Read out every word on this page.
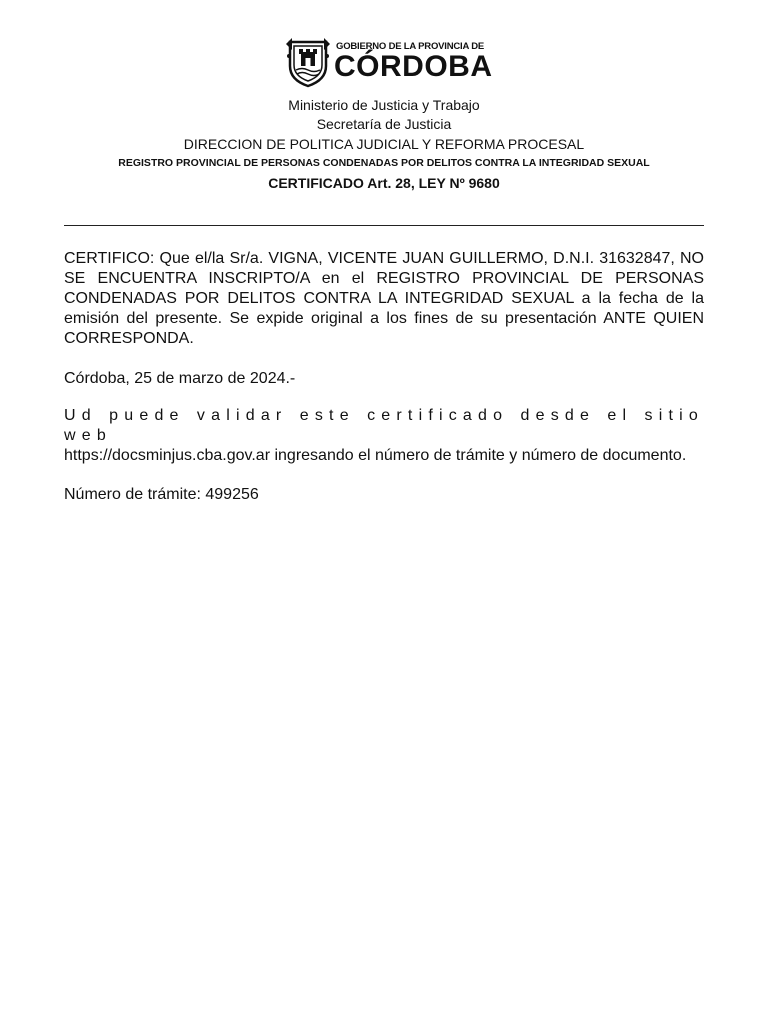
GOBIERNO DE LA PROVINCIA DE
CÓRDOBA
Ministerio de Justicia y Trabajo
Secretaría de Justicia
DIRECCION DE POLITICA JUDICIAL Y REFORMA PROCESAL
REGISTRO PROVINCIAL DE PERSONAS CONDENADAS POR DELITOS CONTRA LA INTEGRIDAD SEXUAL
CERTIFICADO Art. 28, LEY Nº 9680
CERTIFICO: Que el/la Sr/a. VIGNA, VICENTE JUAN GUILLERMO, D.N.I. 31632847, NO SE ENCUENTRA INSCRIPTO/A en el REGISTRO PROVINCIAL DE PERSONAS CONDENADAS POR DELITOS CONTRA LA INTEGRIDAD SEXUAL a la fecha de la emisión del presente. Se expide original a los fines de su presentación ANTE QUIEN CORRESPONDA.
Córdoba, 25 de marzo de 2024.-
Ud puede validar este certificado desde el sitio web
https://docsminjus.cba.gov.ar ingresando el número de trámite y número de documento.
Número de trámite: 499256
